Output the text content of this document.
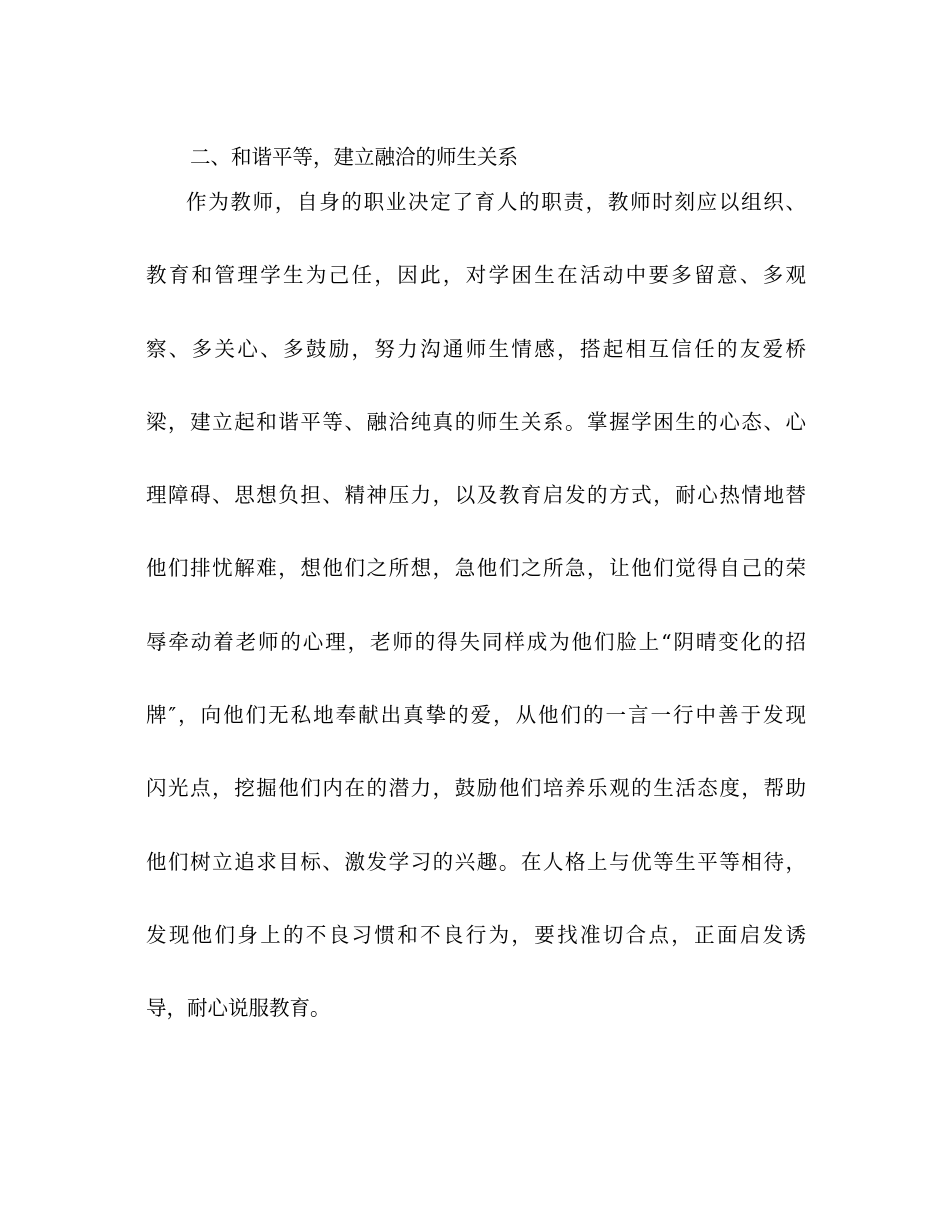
二、和谐平等，建立融洽的师生关系
作为教师，自身的职业决定了育人的职责，教师时刻应以组织、
教育和管理学生为己任，因此，对学困生在活动中要多留意、多观
察、多关心、多鼓励，努力沟通师生情感，搭起相互信任的友爱桥
梁，建立起和谐平等、融洽纯真的师生关系。掌握学困生的心态、心
理障碍、思想负担、精神压力，以及教育启发的方式，耐心热情地替
他们排忧解难，想他们之所想，急他们之所急，让他们觉得自己的荣
辱牵动着老师的心理，老师的得失同样成为他们脸上“阴晴变化的招
牌″，向他们无私地奉献出真挚的爱，从他们的一言一行中善于发现
闪光点，挖掘他们内在的潜力，鼓励他们培养乐观的生活态度，帮助
他们树立追求目标、激发学习的兴趣。在人格上与优等生平等相待，
发现他们身上的不良习惯和不良行为，要找准切合点，正面启发诱
导，耐心说服教育。
